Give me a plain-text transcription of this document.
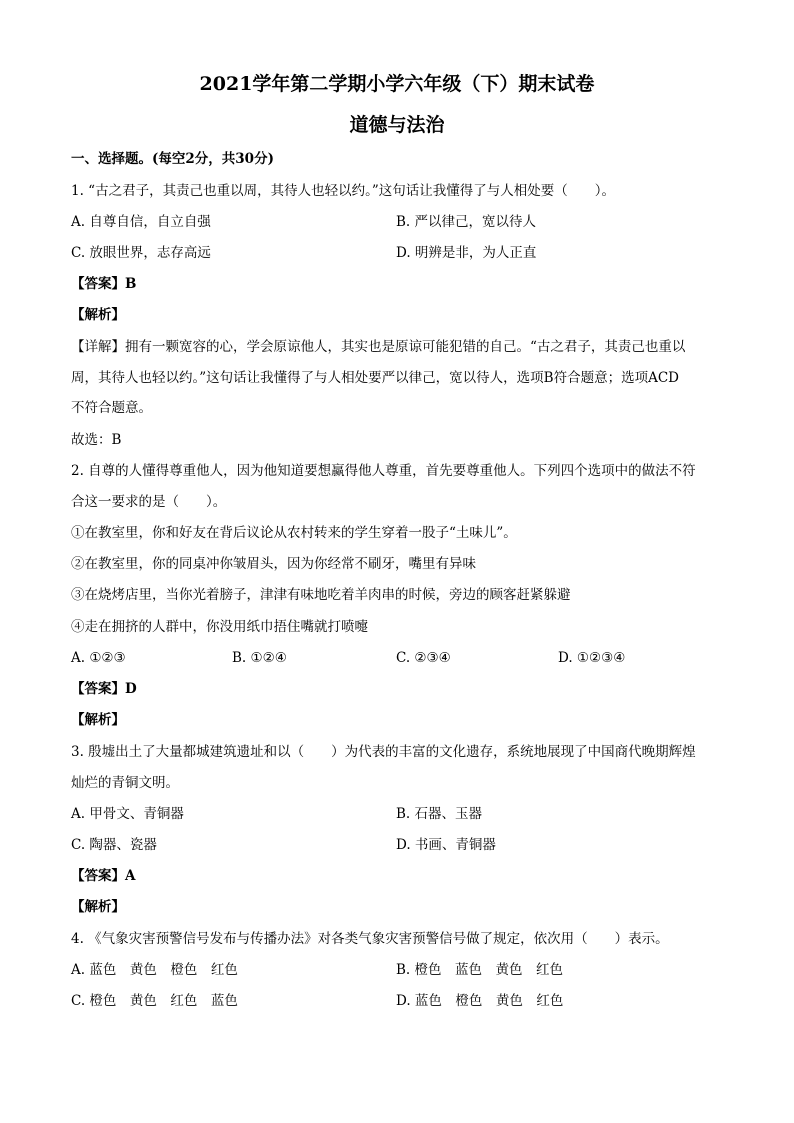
2021学年第二学期小学六年级（下）期末试卷
道德与法治
一、选择题。(每空2分，共30分)
1. “古之君子，其责己也重以周，其待人也轻以约。”这句话让我懂得了与人相处要（　　）。
A. 自尊自信，自立自强	B. 严以律己，宽以待人
C. 放眼世界，志存高远	D. 明辨是非，为人正直
【答案】B
【解析】
【详解】拥有一颗宽容的心，学会原谅他人，其实也是原谅可能犯错的自己。“古之君子，其责己也重以
周，其待人也轻以约。”这句话让我懂得了与人相处要严以律己，宽以待人，选项B符合题意；选项ACD
不符合题意。
故选：B
2. 自尊的人懂得尊重他人，因为他知道要想赢得他人尊重，首先要尊重他人。下列四个选项中的做法不符
合这一要求的是（　　）。
①在教室里，你和好友在背后议论从农村转来的学生穿着一股子“土味儿”。
②在教室里，你的同桌冲你皱眉头，因为你经常不刷牙，嘴里有异味
③在烧烤店里，当你光着膀子，津津有味地吃着羊肉串的时候，旁边的顾客赶紧躲避
④走在拥挤的人群中，你没用纸巾捂住嘴就打喷嚏
A. ①②③	B. ①②④	C. ②③④	D. ①②③④
【答案】D
【解析】
3. 殷墟出土了大量都城建筑遗址和以（　　）为代表的丰富的文化遗存，系统地展现了中国商代晚期辉煌
灿烂的青铜文明。
A. 甲骨文、青铜器	B. 石器、玉器
C. 陶器、瓷器	D. 书画、青铜器
【答案】A
【解析】
4. 《气象灾害预警信号发布与传播办法》对各类气象灾害预警信号做了规定，依次用（　　）表示。
A. 蓝色　黄色　橙色　红色	B. 橙色　蓝色　黄色　红色
C. 橙色　黄色　红色　蓝色	D. 蓝色　橙色　黄色　红色
